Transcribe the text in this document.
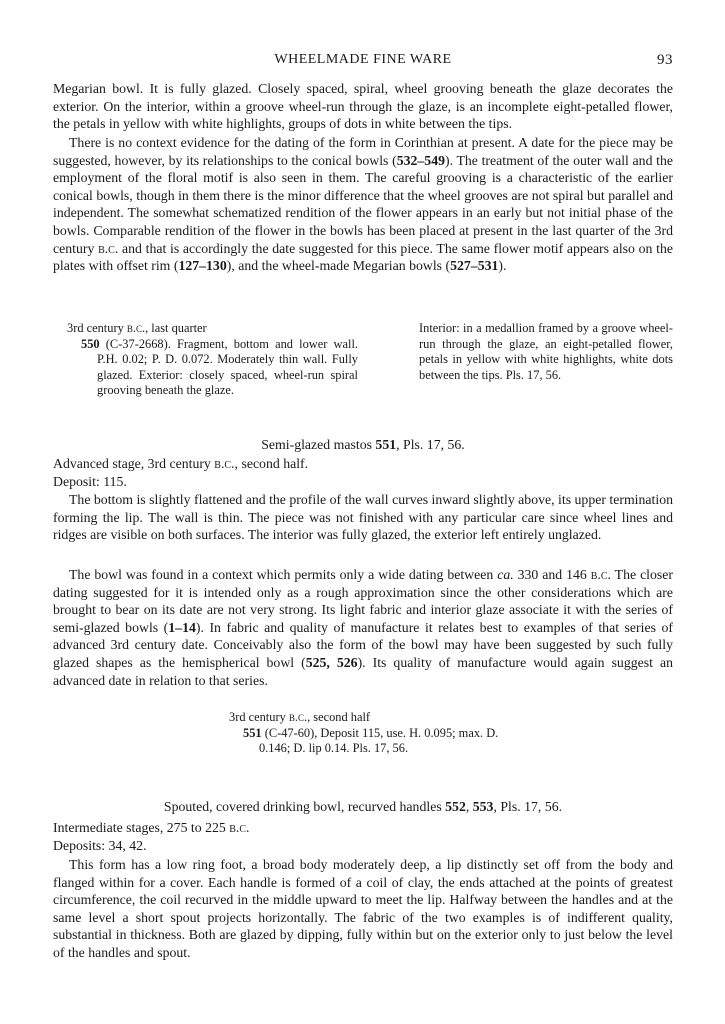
WHEELMADE FINE WARE	93

Megarian bowl. It is fully glazed. Closely spaced, spiral, wheel grooving beneath the glaze decorates the exterior. On the interior, within a groove wheel-run through the glaze, is an incomplete eight-petalled flower, the petals in yellow with white highlights, groups of dots in white between the tips.

There is no context evidence for the dating of the form in Corinthian at present. A date for the piece may be suggested, however, by its relationships to the conical bowls (532–549). The treatment of the outer wall and the employment of the floral motif is also seen in them. The careful grooving is a characteristic of the earlier conical bowls, though in them there is the minor difference that the wheel grooves are not spiral but parallel and independent. The somewhat schematized rendition of the flower appears in an early but not initial phase of the bowls. Comparable rendition of the flower in the bowls has been placed at present in the last quarter of the 3rd century b.c. and that is accordingly the date suggested for this piece. The same flower motif appears also on the plates with offset rim (127–130), and the wheel-made Megarian bowls (527–531).

3rd century b.c., last quarter

550 (C-37-2668). Fragment, bottom and lower wall. P.H. 0.02; P. D. 0.072. Moderately thin wall. Fully glazed. Exterior: closely spaced, wheel-run spiral grooving beneath the glaze.

Interior: in a medallion framed by a groove wheel-run through the glaze, an eight-petalled flower, petals in yellow with white highlights, white dots between the tips. Pls. 17, 56.
Semi-glazed mastos 551, Pls. 17, 56.

Advanced stage, 3rd century b.c., second half.

Deposit: 115.

The bottom is slightly flattened and the profile of the wall curves inward slightly above, its upper termination forming the lip. The wall is thin. The piece was not finished with any particular care since wheel lines and ridges are visible on both surfaces. The interior was fully glazed, the exterior left entirely unglazed.

The bowl was found in a context which permits only a wide dating between ca. 330 and 146 b.c. The closer dating suggested for it is intended only as a rough approximation since the other considerations which are brought to bear on its date are not very strong. Its light fabric and interior glaze associate it with the series of semi-glazed bowls (1–14). In fabric and quality of manufacture it relates best to examples of that series of advanced 3rd century date. Conceivably also the form of the bowl may have been suggested by such fully glazed shapes as the hemispherical bowl (525, 526). Its quality of manufacture would again suggest an advanced date in relation to that series.

3rd century b.c., second half

551 (C-47-60), Deposit 115, use. H. 0.095; max. D. 0.146; D. lip 0.14. Pls. 17, 56.

Spouted, covered drinking bowl, recurved handles 552, 553, Pls. 17, 56.

Intermediate stages, 275 to 225 b.c.

Deposits: 34, 42.

This form has a low ring foot, a broad body moderately deep, a lip distinctly set off from the body and flanged within for a cover. Each handle is formed of a coil of clay, the ends attached at the points of greatest circumference, the coil recurved in the middle upward to meet the lip. Halfway between the handles and at the same level a short spout projects horizontally. The fabric of the two examples is of indifferent quality, substantial in thickness. Both are glazed by dipping, fully within but on the exterior only to just below the level of the handles and spout.
